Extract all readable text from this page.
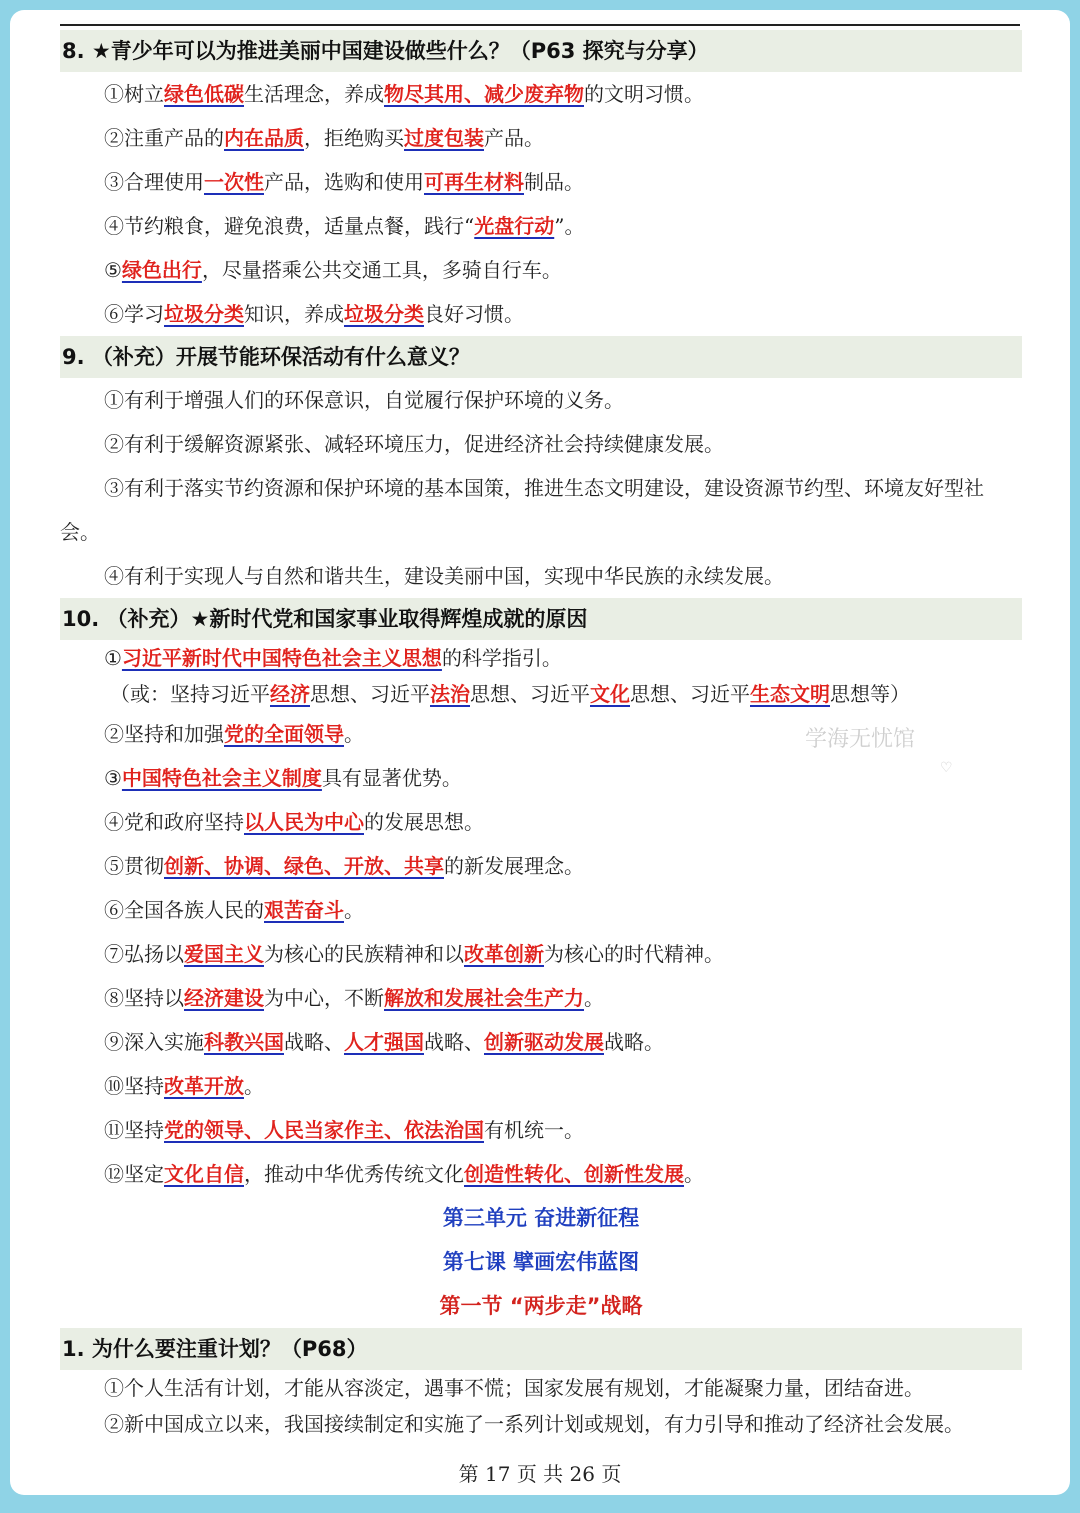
8. ★青少年可以为推进美丽中国建设做些什么？（P63 探究与分享）
①树立绿色低碳生活理念，养成物尽其用、减少废弃物的文明习惯。
②注重产品的内在品质，拒绝购买过度包装产品。
③合理使用一次性产品，选购和使用可再生材料制品。
④节约粮食，避免浪费，适量点餐，践行“光盘行动”。
⑤绿色出行，尽量搭乘公共交通工具，多骑自行车。
⑥学习垃圾分类知识，养成垃圾分类良好习惯。
9. （补充）开展节能环保活动有什么意义？
①有利于增强人们的环保意识，自觉履行保护环境的义务。
②有利于缓解资源紧张、减轻环境压力，促进经济社会持续健康发展。
③有利于落实节约资源和保护环境的基本国策，推进生态文明建设，建设资源节约型、环境友好型社会。
④有利于实现人与自然和谐共生，建设美丽中国，实现中华民族的永续发展。
10. （补充）★新时代党和国家事业取得辉煌成就的原因
①习近平新时代中国特色社会主义思想的科学指引。
（或：坚持习近平经济思想、习近平法治思想、习近平文化思想、习近平生态文明思想等）
②坚持和加强党的全面领导。
③中国特色社会主义制度具有显著优势。
④党和政府坚持以人民为中心的发展思想。
⑤贯彻创新、协调、绿色、开放、共享的新发展理念。
⑥全国各族人民的艰苦奋斗。
⑦弘扬以爱国主义为核心的民族精神和以改革创新为核心的时代精神。
⑧坚持以经济建设为中心，不断解放和发展社会生产力。
⑨深入实施科教兴国战略、人才强国战略、创新驱动发展战略。
⑩坚持改革开放。
⑪坚持党的领导、人民当家作主、依法治国有机统一。
⑫坚定文化自信，推动中华优秀传统文化创造性转化、创新性发展。
第三单元 奋进新征程
第七课 擘画宏伟蓝图
第一节 “两步走”战略
1. 为什么要注重计划？（P68）
①个人生活有计划，才能从容淡定，遇事不慌；国家发展有规划，才能凝聚力量，团结奋进。
②新中国成立以来，我国接续制定和实施了一系列计划或规划，有力引导和推动了经济社会发展。
学海无忧馆
♡
第 17 页 共 26 页
